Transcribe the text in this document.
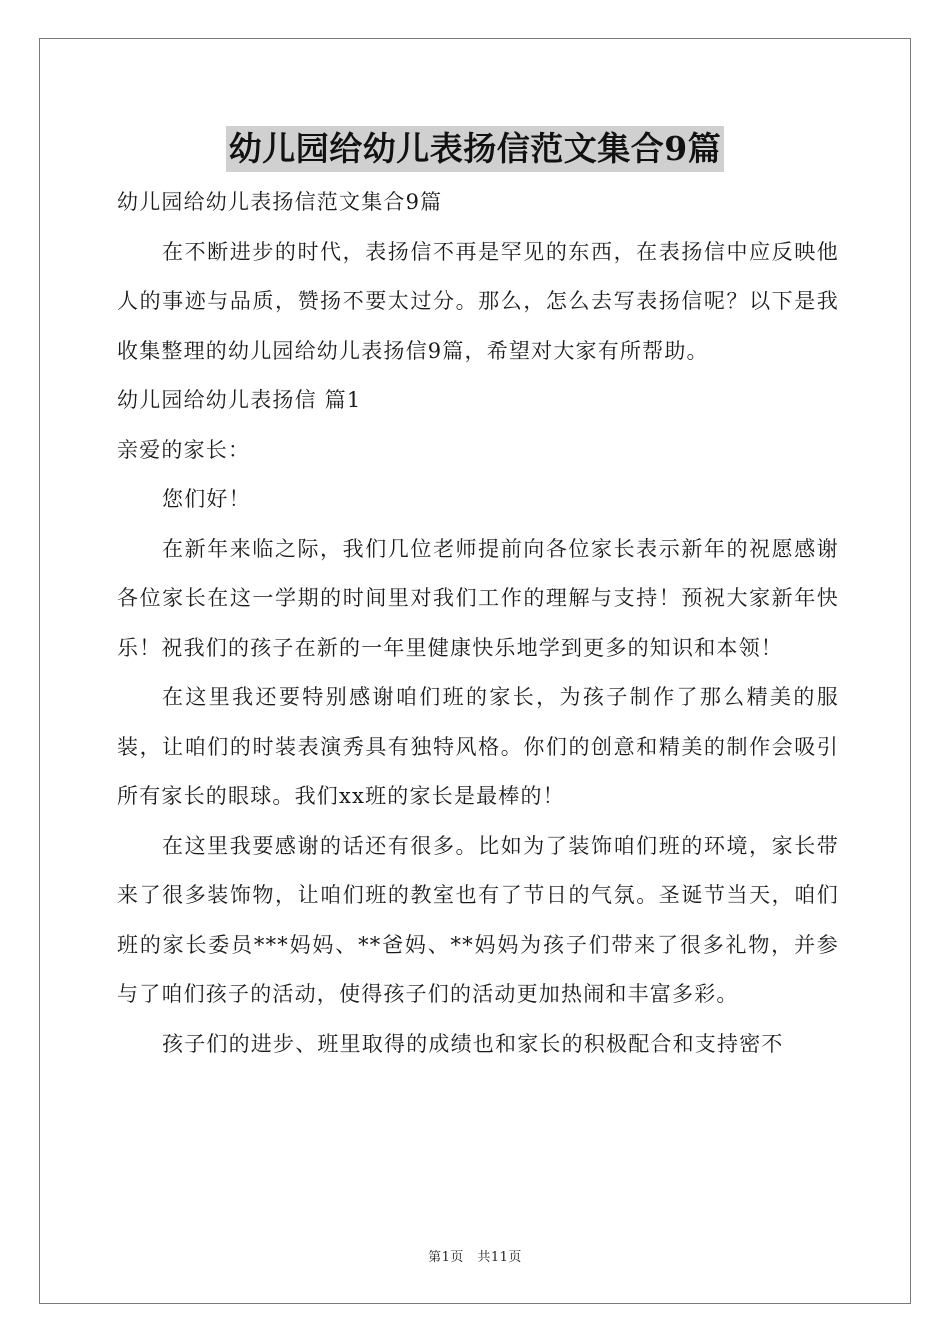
幼儿园给幼儿表扬信范文集合9篇

幼儿园给幼儿表扬信范文集合9篇

在不断进步的时代，表扬信不再是罕见的东西，在表扬信中应反映他人的事迹与品质，赞扬不要太过分。那么，怎么去写表扬信呢？以下是我收集整理的幼儿园给幼儿表扬信9篇，希望对大家有所帮助。

幼儿园给幼儿表扬信 篇1

亲爱的家长：

您们好！

在新年来临之际，我们几位老师提前向各位家长表示新年的祝愿感谢各位家长在这一学期的时间里对我们工作的理解与支持！预祝大家新年快乐！祝我们的孩子在新的一年里健康快乐地学到更多的知识和本领！

在这里我还要特别感谢咱们班的家长，为孩子制作了那么精美的服装，让咱们的时装表演秀具有独特风格。你们的创意和精美的制作会吸引所有家长的眼球。我们xx班的家长是最棒的！

在这里我要感谢的话还有很多。比如为了装饰咱们班的环境，家长带来了很多装饰物，让咱们班的教室也有了节日的气氛。圣诞节当天，咱们班的家长委员***妈妈、**爸妈、**妈妈为孩子们带来了很多礼物，并参与了咱们孩子的活动，使得孩子们的活动更加热闹和丰富多彩。

孩子们的进步、班里取得的成绩也和家长的积极配合和支持密不

第1页　共11页
